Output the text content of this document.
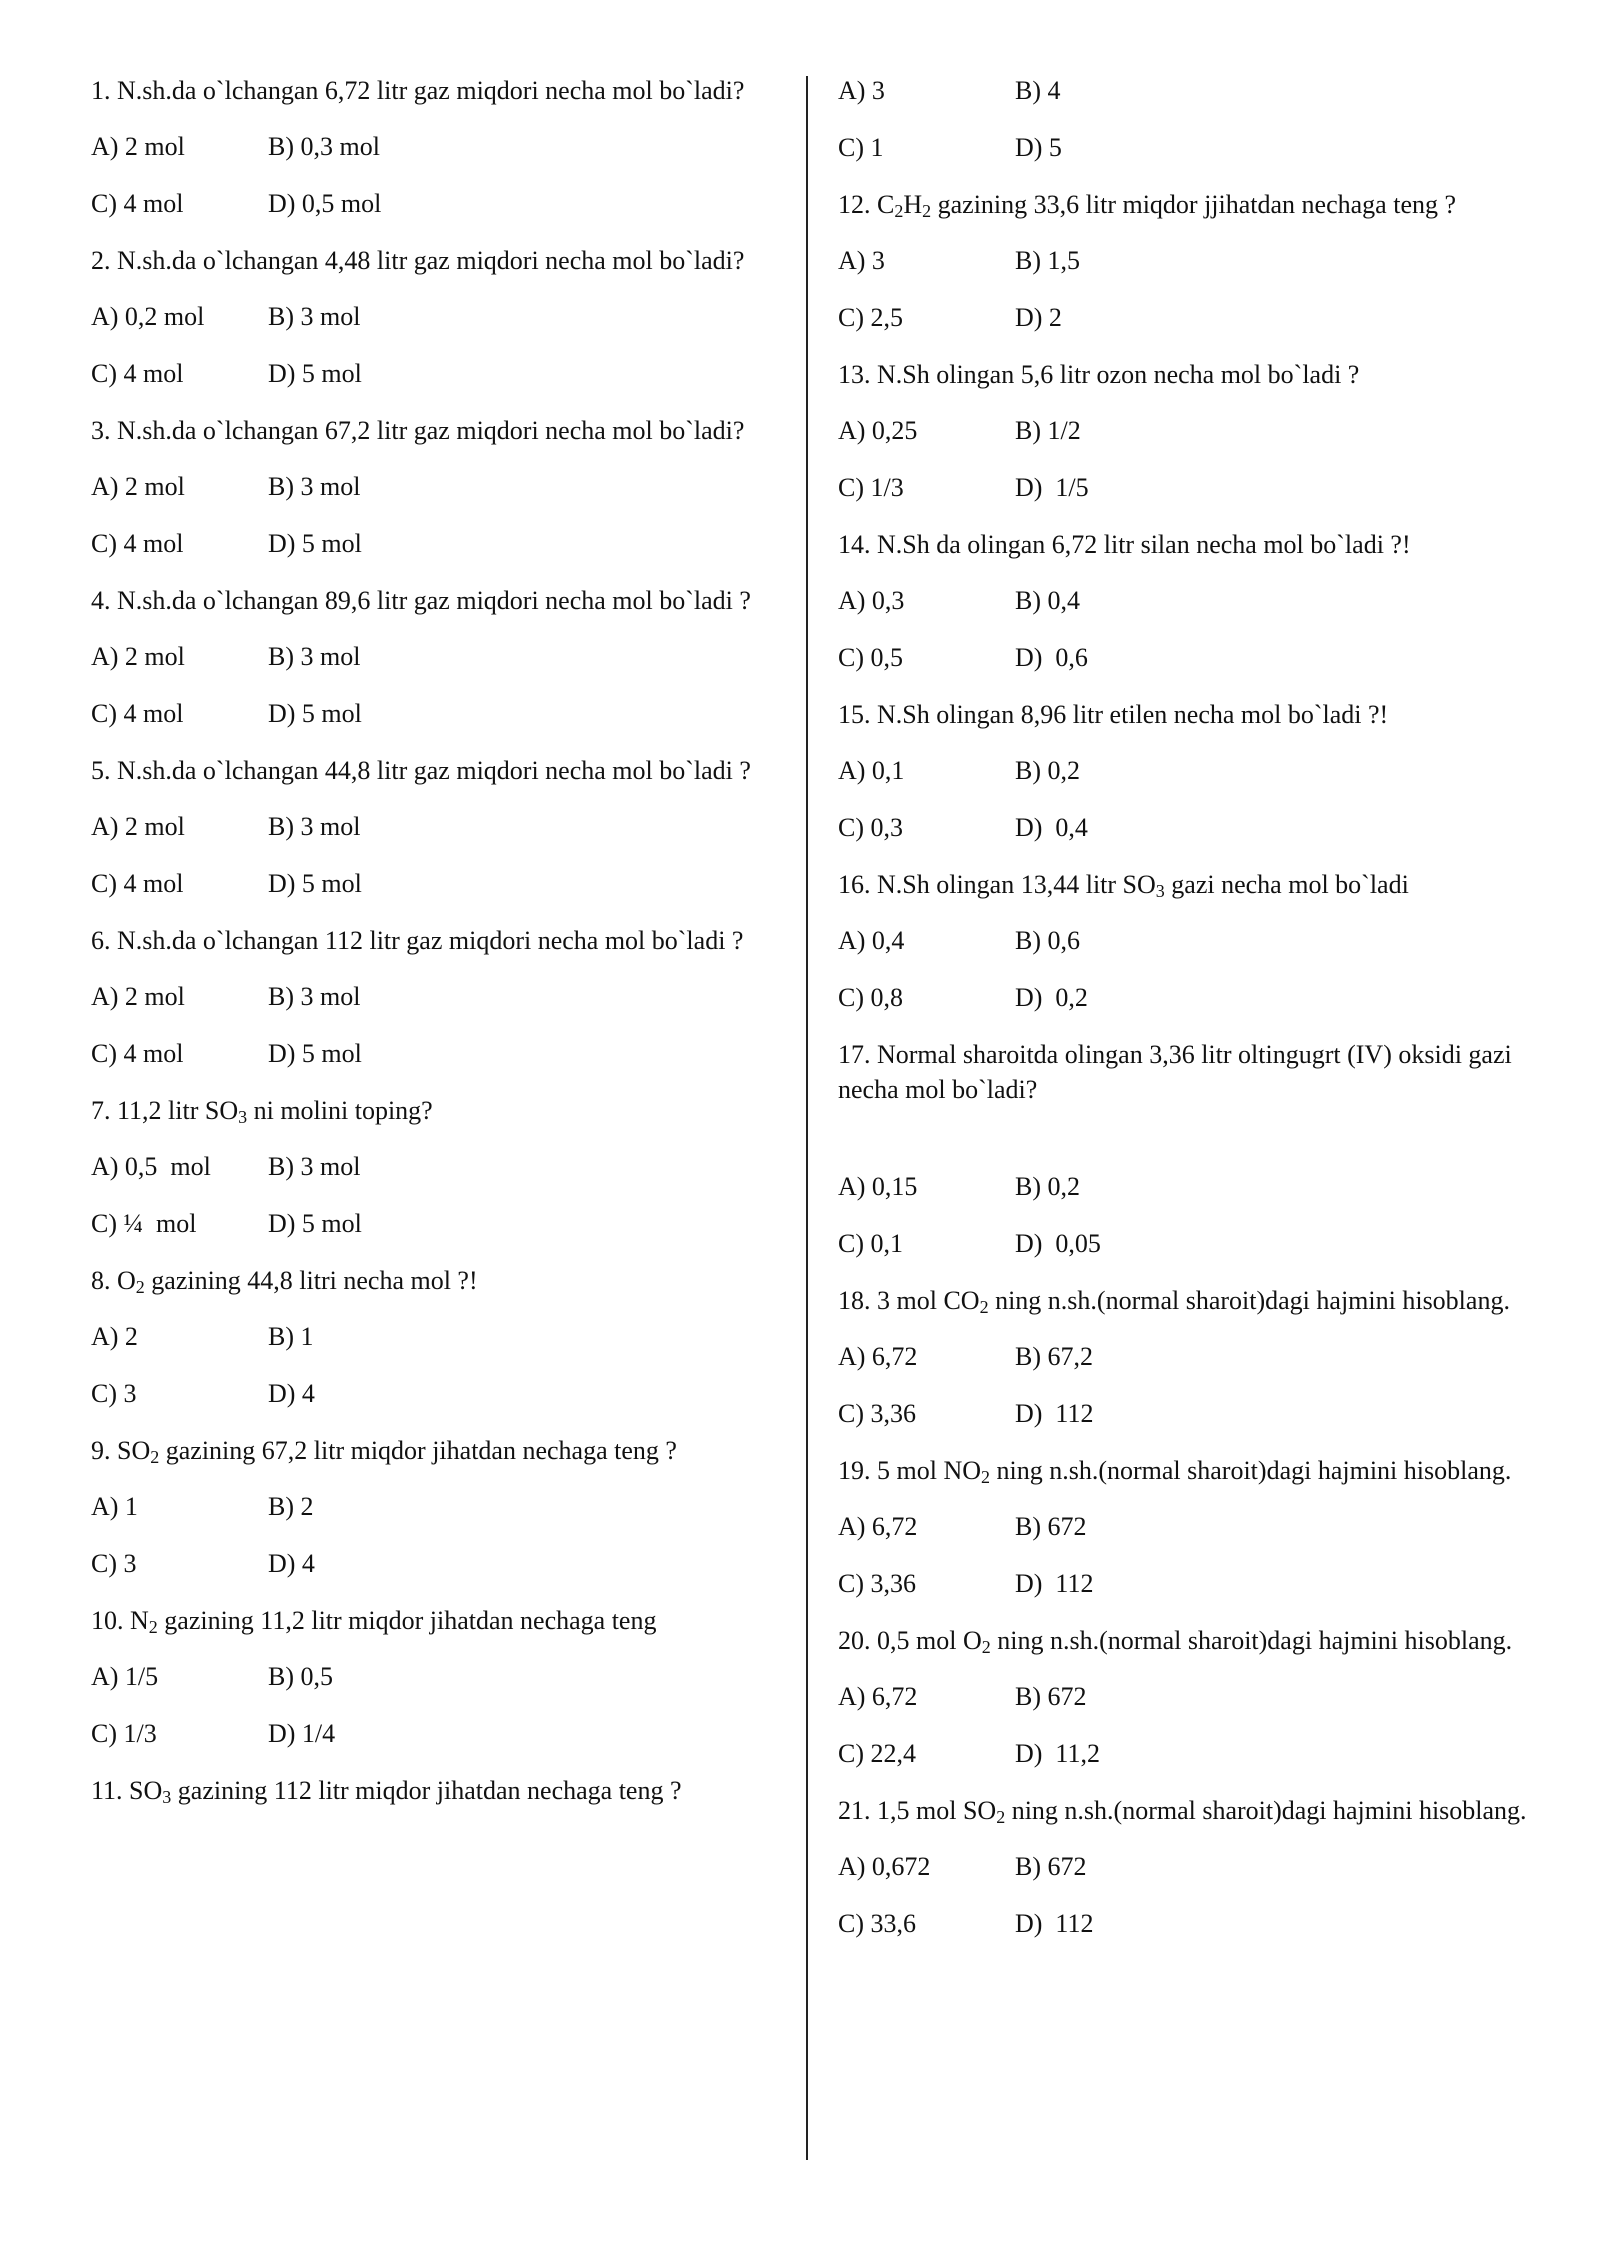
1. N.sh.da o`lchangan 6,72 litr gaz miqdori necha mol bo`ladi?

A) 2 mol	B) 0,3 mol
C) 4 mol	D) 0,5 mol

2. N.sh.da o`lchangan 4,48 litr gaz miqdori necha mol bo`ladi?

A) 0,2 mol B) 3 mol
C) 4 mol	D) 5 mol

3. N.sh.da o`lchangan 67,2 litr gaz miqdori necha mol bo`ladi?

A) 2 mol	B) 3 mol
C) 4 mol	D) 5 mol

4. N.sh.da o`lchangan 89,6 litr gaz miqdori necha mol bo`ladi ?

A) 2 mol	B) 3 mol
C) 4 mol	D) 5 mol

5. N.sh.da o`lchangan 44,8 litr gaz miqdori necha mol bo`ladi ?

A) 2 mol	B) 3 mol
C) 4 mol	D) 5 mol

6. N.sh.da o`lchangan 112 litr gaz miqdori necha mol bo`ladi ?

A) 2 mol	B) 3 mol
C) 4 mol	D) 5 mol

7. 11,2 litr $SO_3$ ni molini toping?

A) 0,5  mol B) 3 mol
C) ¼  mol	D) 5 mol

8. $O_2$ gazining 44,8 litri necha mol ?!

A) 2	B) 1
C) 3	D) 4

9. $SO_2$ gazining 67,2 litr miqdor jihatdan nechaga teng ?

A) 1	B) 2
C) 3	D) 4

10. $N_2$ gazining 11,2 litr miqdor jihatdan nechaga teng

A) 1/5	B) 0,5
C) 1/3	D) 1/4

11. $SO_3$ gazining 112 litr miqdor jihatdan nechaga teng ?

A) 3	B) 4
C) 1	D) 5

12. $C_2H_2$ gazining 33,6 litr miqdor jjihatdan nechaga teng ?

A) 3	B) 1,5
C) 2,5	D) 2

13. N.Sh olingan 5,6 litr ozon necha mol bo`ladi ?

A) 0,25	B) 1/2
C) 1/3	D)  1/5

14. N.Sh da olingan 6,72 litr silan necha mol bo`ladi ?!

A) 0,3	B) 0,4
C) 0,5	D)  0,6

15. N.Sh olingan 8,96 litr etilen necha mol bo`ladi ?!

A) 0,1	B) 0,2
C) 0,3	D)  0,4

16. N.Sh olingan 13,44 litr $SO_3$ gazi necha mol bo`ladi

A) 0,4	B) 0,6
C) 0,8	D)  0,2

17. Normal sharoitda olingan 3,36 litr oltingugrt (IV) oksidi gazi necha mol bo`ladi?

A) 0,15	B) 0,2
C) 0,1	D)  0,05

18. 3 mol $CO_2$ ning n.sh.(normal sharoit)dagi hajmini hisoblang.

A) 6,72	B) 67,2
C) 3,36	D)  112

19. 5 mol $NO_2$ ning n.sh.(normal sharoit)dagi hajmini hisoblang.

A) 6,72	B) 672
C) 3,36	D)  112

20. 0,5 mol $O_2$ ning n.sh.(normal sharoit)dagi hajmini hisoblang.

A) 6,72	B) 672
C) 22,4	D)  11,2

21. 1,5 mol $SO_2$ ning n.sh.(normal sharoit)dagi hajmini hisoblang.

A) 0,672	B) 672
C) 33,6	D)  112
